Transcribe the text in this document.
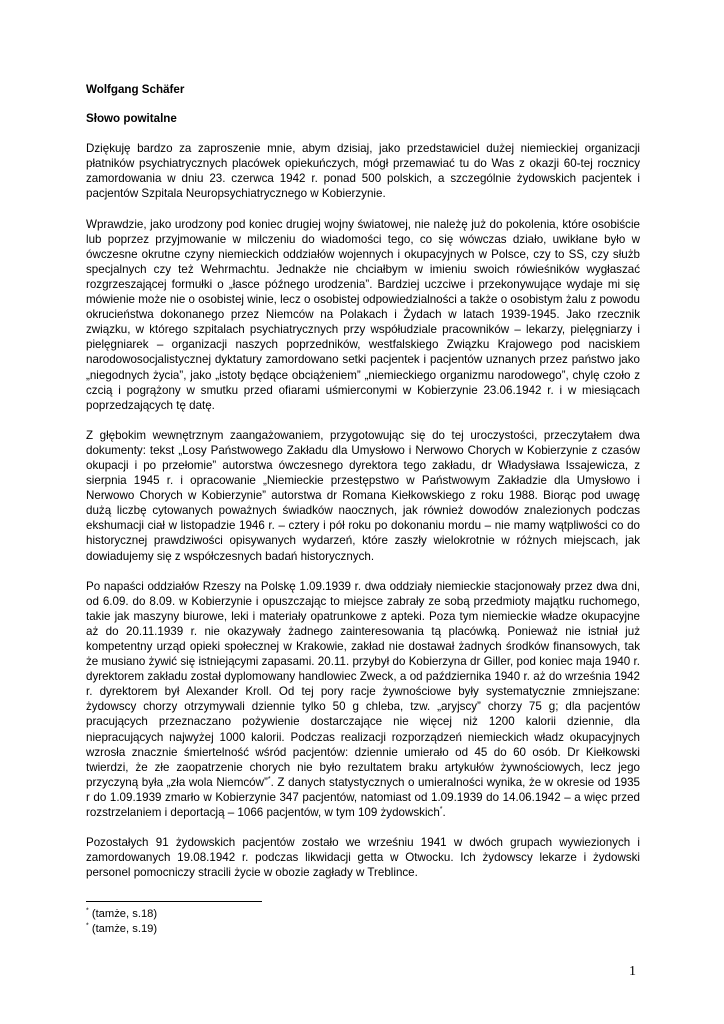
Wolfgang Schäfer
Słowo powitalne

Dziękuję bardzo za zaproszenie mnie, abym dzisiaj, jako przedstawiciel dużej niemieckiej organizacji płatników psychiatrycznych placówek opiekuńczych, mógł przemawiać tu do Was z okazji 60-tej rocznicy zamordowania w dniu 23. czerwca 1942 r. ponad 500 polskich, a szczególnie żydowskich pacjentek i pacjentów Szpitala Neuropsychiatrycznego w Kobierzynie.

Wprawdzie, jako urodzony pod koniec drugiej wojny światowej, nie należę już do pokolenia, które osobiście lub poprzez przyjmowanie w milczeniu do wiadomości tego, co się wówczas działo, uwikłane było w ówczesne okrutne czyny niemieckich oddziałów wojennych i okupacyjnych w Polsce, czy to SS, czy służb specjalnych czy też Wehrmachtu. Jednakże nie chciałbym w imieniu swoich rówieśników wygłaszać rozgrzeszającej formułki o „łasce późnego urodzenia”. Bardziej uczciwe i przekonywujące wydaje mi się mówienie może nie o osobistej winie, lecz o osobistej odpowiedzialności a także o osobistym żalu z powodu okrucieństwa dokonanego przez Niemców na Polakach i Żydach w latach 1939-1945. Jako rzecznik związku, w którego szpitalach psychiatrycznych przy współudziale pracowników – lekarzy, pielęgniarzy i pielęgniarek – organizacji naszych poprzedników, westfalskiego Związku Krajowego pod naciskiem narodowosocjalistycznej dyktatury zamordowano setki pacjentek i pacjentów uznanych przez państwo jako „niegodnych życia”, jako „istoty będące obciążeniem” „niemieckiego organizmu narodowego”, chylę czoło z czcią i pogrążony w smutku przed ofiarami uśmierconymi w Kobierzynie 23.06.1942 r. i w miesiącach poprzedzających tę datę.

Z głębokim wewnętrznym zaangażowaniem, przygotowując się do tej uroczystości, przeczytałem dwa dokumenty: tekst „Losy Państwowego Zakładu dla Umysłowo i Nerwowo Chorych w Kobierzynie z czasów okupacji i po przełomie” autorstwa ówczesnego dyrektora tego zakładu, dr Władysława Issajewicza, z sierpnia 1945 r. i opracowanie „Niemieckie przestępstwo w Państwowym Zakładzie dla Umysłowo i Nerwowo Chorych w Kobierzynie” autorstwa dr Romana Kiełkowskiego z roku 1988. Biorąc pod uwagę dużą liczbę cytowanych poważnych świadków naocznych, jak również dowodów znalezionych podczas ekshumacji ciał w listopadzie 1946 r. – cztery i pół roku po dokonaniu mordu – nie mamy wątpliwości co do historycznej prawdziwości opisywanych wydarzeń, które zaszły wielokrotnie w różnych miejscach, jak dowiadujemy się z współczesnych badań historycznych.

Po napaści oddziałów Rzeszy na Polskę 1.09.1939 r. dwa oddziały niemieckie stacjonowały przez dwa dni, od 6.09. do 8.09. w Kobierzynie i opuszczając to miejsce zabrały ze sobą przedmioty majątku ruchomego, takie jak maszyny biurowe, leki i materiały opatrunkowe z apteki. Poza tym niemieckie władze okupacyjne aż do 20.11.1939 r. nie okazywały żadnego zainteresowania tą placówką. Ponieważ nie istniał już kompetentny urząd opieki społecznej w Krakowie, zakład nie dostawał żadnych środków finansowych, tak że musiano żywić się istniejącymi zapasami. 20.11. przybył do Kobierzyna dr Giller, pod koniec maja 1940 r. dyrektorem zakładu został dyplomowany handlowiec Zweck, a od października 1940 r. aż do września 1942 r. dyrektorem był Alexander Kroll. Od tej pory racje żywnościowe były systematycznie zmniejszane: żydowscy chorzy otrzymywali dziennie tylko 50 g chleba, tzw. „aryjscy” chorzy 75 g; dla pacjentów pracujących przeznaczano pożywienie dostarczające nie więcej niż 1200 kalorii dziennie, dla niepracujących najwyżej 1000 kalorii. Podczas realizacji rozporządzeń niemieckich władz okupacyjnych wzrosła znacznie śmiertelność wśród pacjentów: dziennie umierało od 45 do 60 osób. Dr Kiełkowski twierdzi, że złe zaopatrzenie chorych nie było rezultatem braku artykułów żywnościowych, lecz jego przyczyną była „zła wola Niemców”*. Z danych statystycznych o umieralności wynika, że w okresie od 1935 r do 1.09.1939 zmarło w Kobierzynie 347 pacjentów, natomiast od 1.09.1939 do 14.06.1942 – a więc przed rozstrzelaniem i deportacją – 1066 pacjentów, w tym 109 żydowskich*.

Pozostałych 91 żydowskich pacjentów zostało we wrześniu 1941 w dwóch grupach wywiezionych i zamordowanych 19.08.1942 r. podczas likwidacji getta w Otwocku. Ich żydowscy lekarze i żydowski personel pomocniczy stracili życie w obozie zagłady w Treblince.

* (tamże, s.18)
* (tamże, s.19)
1
